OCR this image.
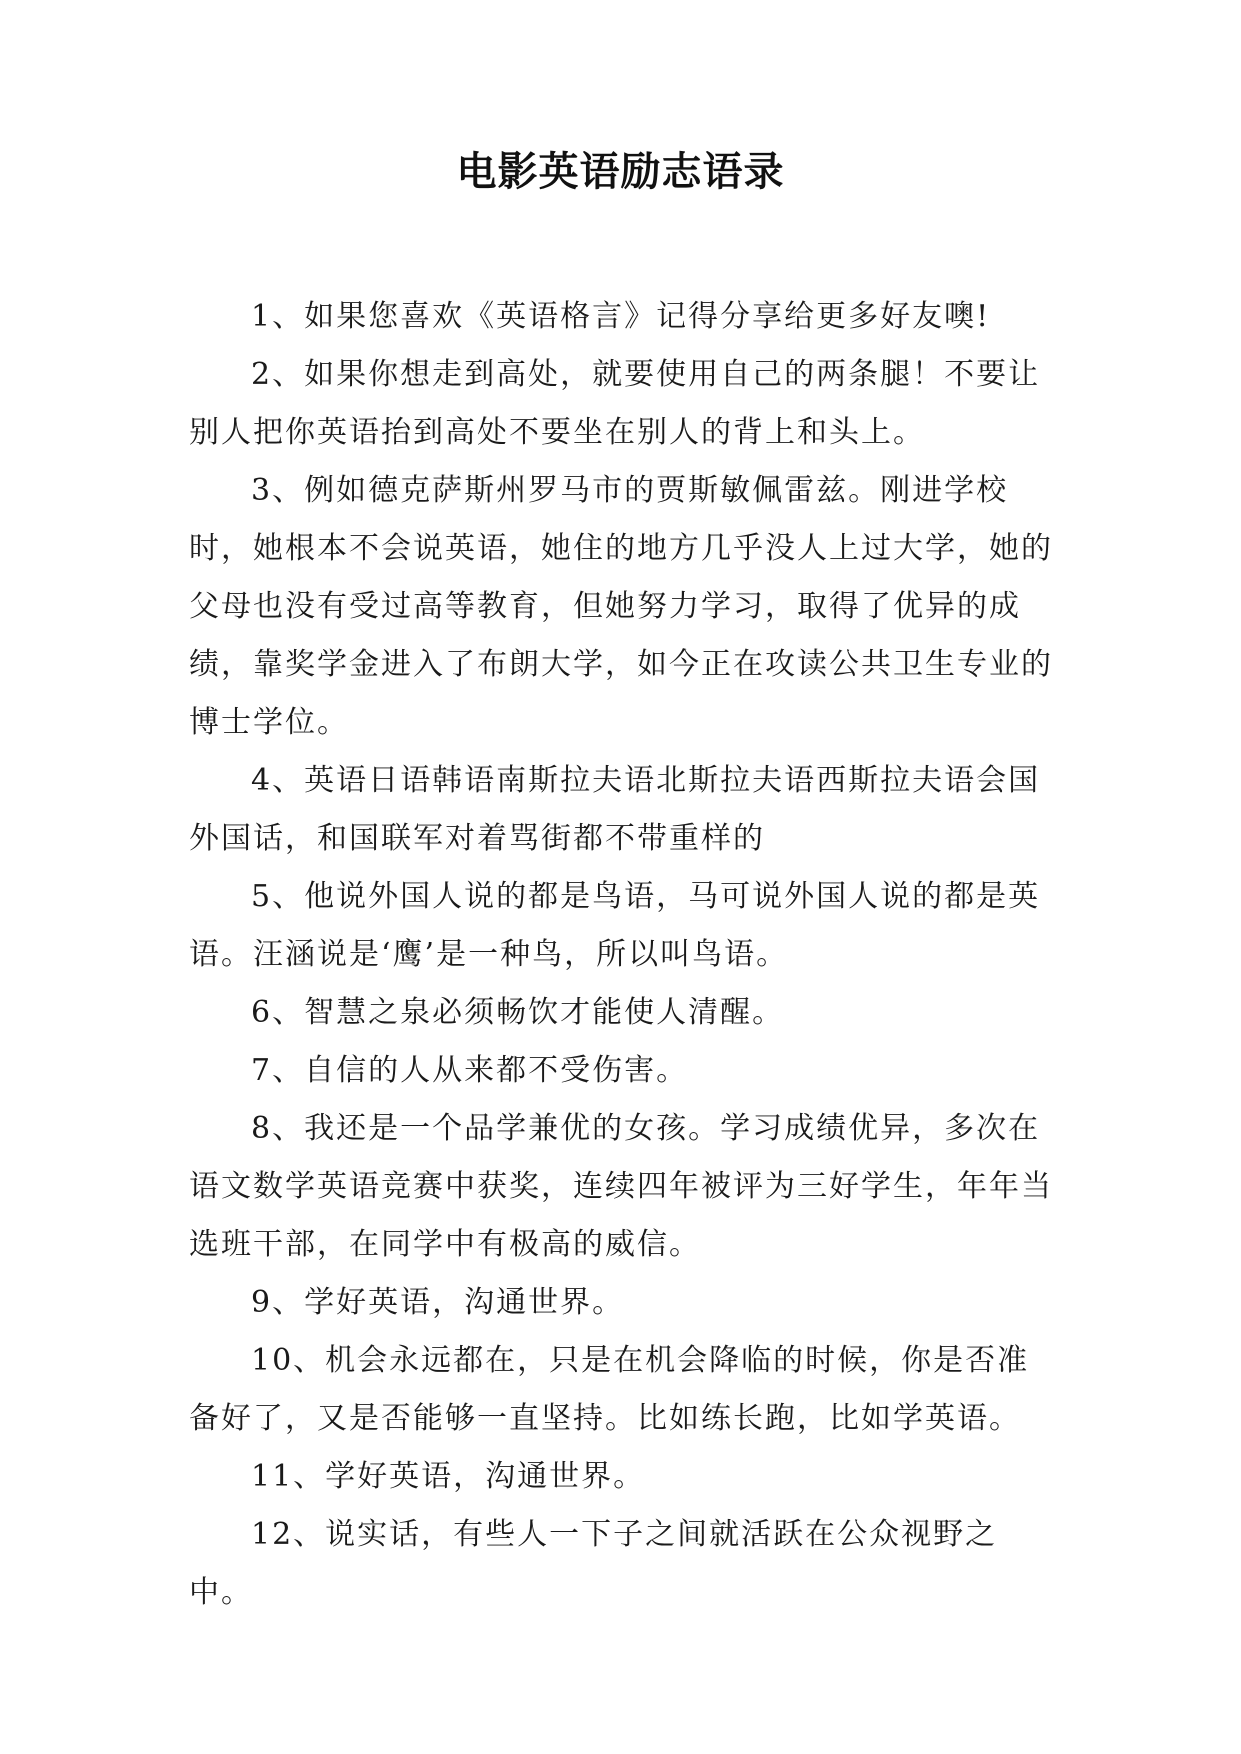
电影英语励志语录

1、如果您喜欢《英语格言》记得分享给更多好友噢!

2、如果你想走到高处，就要使用自己的两条腿！不要让别人把你英语抬到高处不要坐在别人的背上和头上。

3、例如德克萨斯州罗马市的贾斯敏佩雷兹。刚进学校时，她根本不会说英语，她住的地方几乎没人上过大学，她的父母也没有受过高等教育，但她努力学习，取得了优异的成绩，靠奖学金进入了布朗大学，如今正在攻读公共卫生专业的博士学位。

4、英语日语韩语南斯拉夫语北斯拉夫语西斯拉夫语会国外国话，和国联军对着骂街都不带重样的

5、他说外国人说的都是鸟语，马可说外国人说的都是英语。汪涵说是‘鹰’是一种鸟，所以叫鸟语。

6、智慧之泉必须畅饮才能使人清醒。

7、自信的人从来都不受伤害。

8、我还是一个品学兼优的女孩。学习成绩优异，多次在语文数学英语竞赛中获奖，连续四年被评为三好学生，年年当选班干部，在同学中有极高的威信。

9、学好英语，沟通世界。

10、机会永远都在，只是在机会降临的时候，你是否准备好了，又是否能够一直坚持。比如练长跑，比如学英语。

11、学好英语，沟通世界。

12、说实话，有些人一下子之间就活跃在公众视野之中。
